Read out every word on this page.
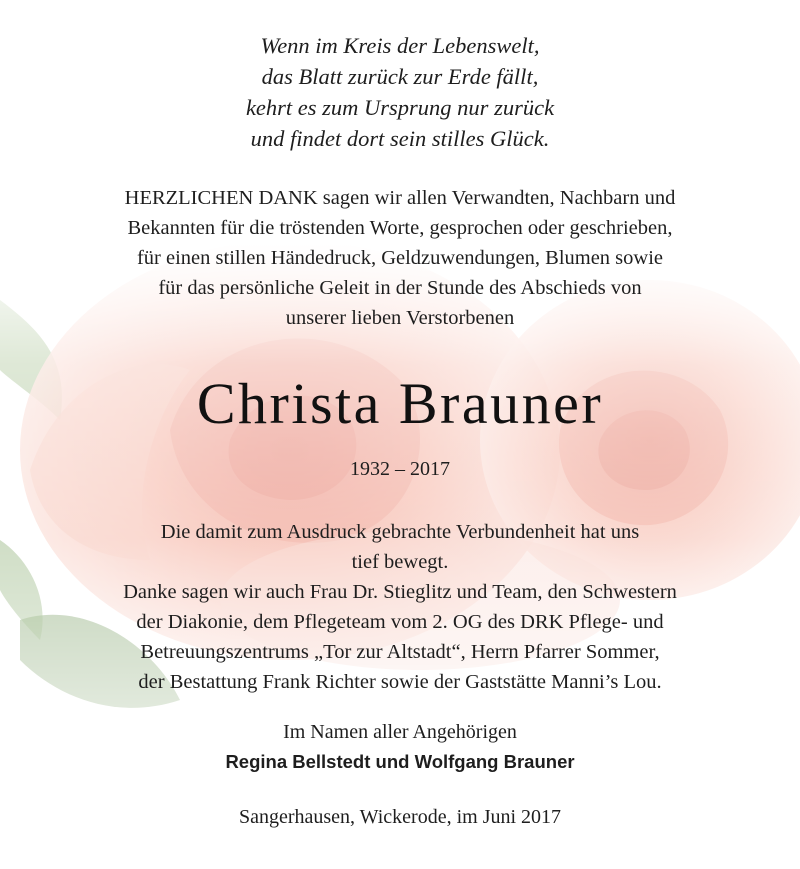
Wenn im Kreis der Lebenswelt,
das Blatt zurück zur Erde fällt,
kehrt es zum Ursprung nur zurück
und findet dort sein stilles Glück.
HERZLICHEN DANK sagen wir allen Verwandten, Nachbarn und
Bekannten für die tröstenden Worte, gesprochen oder geschrieben,
für einen stillen Händedruck, Geldzuwendungen, Blumen sowie
für das persönliche Geleit in der Stunde des Abschieds von
unserer lieben Verstorbenen
Christa Brauner
1932 – 2017
Die damit zum Ausdruck gebrachte Verbundenheit hat uns
tief bewegt.
Danke sagen wir auch Frau Dr. Stieglitz und Team, den Schwestern
der Diakonie, dem Pflegeteam vom 2. OG des DRK Pflege- und
Betreuungszentrums „Tor zur Altstadt“, Herrn Pfarrer Sommer,
der Bestattung Frank Richter sowie der Gaststätte Manni’s Lou.
Im Namen aller Angehörigen
Regina Bellstedt und Wolfgang Brauner
Sangerhausen, Wickerode, im Juni 2017
